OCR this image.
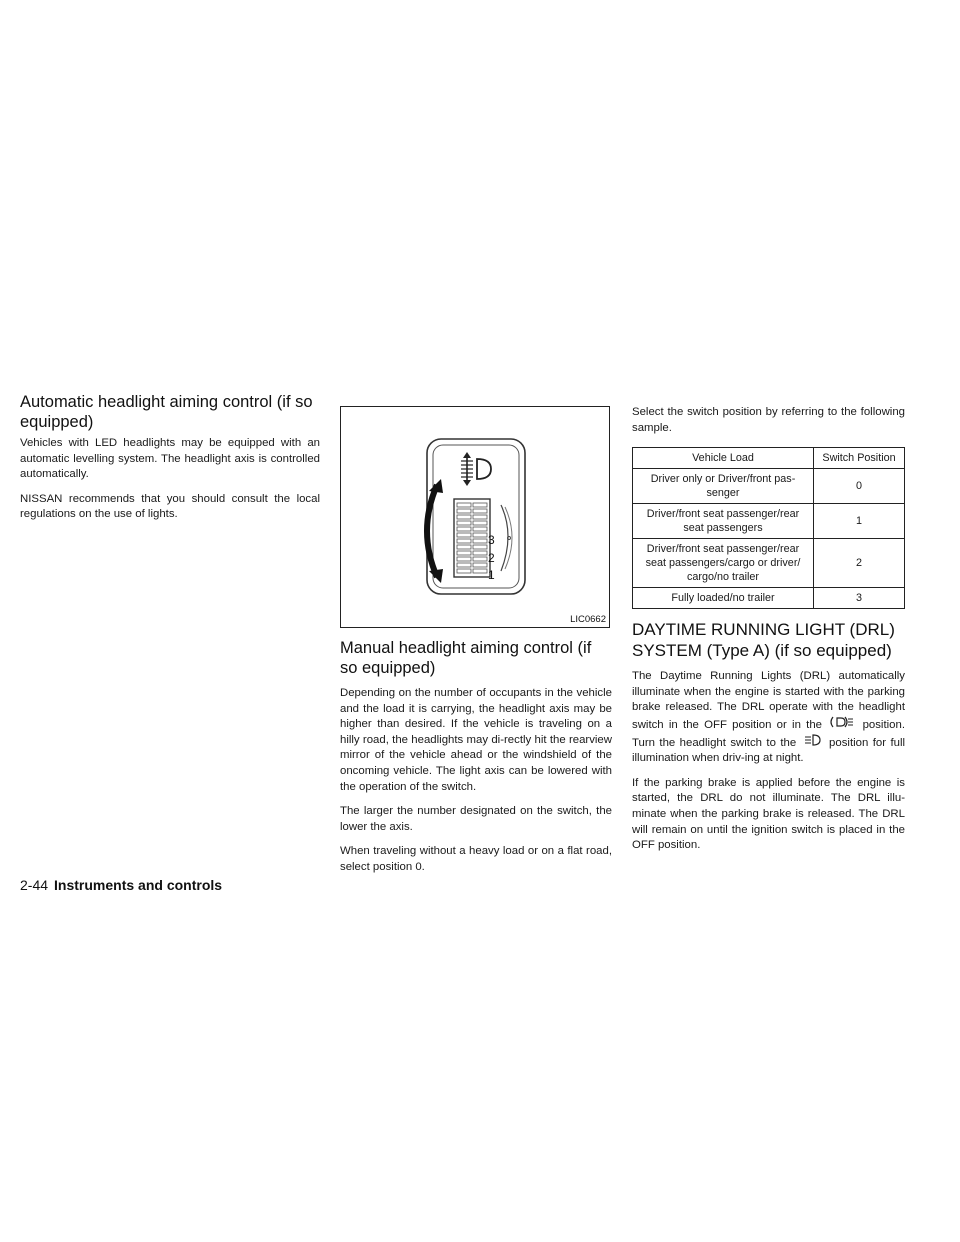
Automatic headlight aiming control (if so equipped)

Vehicles with LED headlights may be equipped with an automatic levelling system. The headlight axis is controlled automatically.

NISSAN recommends that you should consult the local regulations on the use of lights.

3
2
1
LIC0662
Manual headlight aiming control (if so equipped)

Depending on the number of occupants in the vehicle and the load it is carrying, the headlight axis may be higher than desired. If the vehicle is traveling on a hilly road, the headlights may di-rectly hit the rearview mirror of the vehicle ahead or the windshield of the oncoming vehicle. The light axis can be lowered with the operation of the switch.

The larger the number designated on the switch, the lower the axis.

When traveling without a heavy load or on a flat road, select position 0.

Select the switch position by referring to the following sample.

Vehicle Load	Switch Position
Driver only or Driver/front pas-senger	0
Driver/front seat passenger/rear seat passengers	1
Driver/front seat passenger/rear seat passengers/cargo or driver/ cargo/no trailer	2
Fully loaded/no trailer	3
DAYTIME RUNNING LIGHT (DRL) SYSTEM (Type A) (if so equipped)

The Daytime Running Lights (DRL) automatically illuminate when the engine is started with the parking brake released. The DRL operate with the headlight switch in the OFF position or in the	position. Turn the headlight switch to the	position for full illumination when driv-ing at night.

If the parking brake is applied before the engine is started, the DRL do not illuminate. The DRL illu-minate when the parking brake is released. The DRL will remain on until the ignition switch is placed in the OFF position.

2-44 Instruments and controls
